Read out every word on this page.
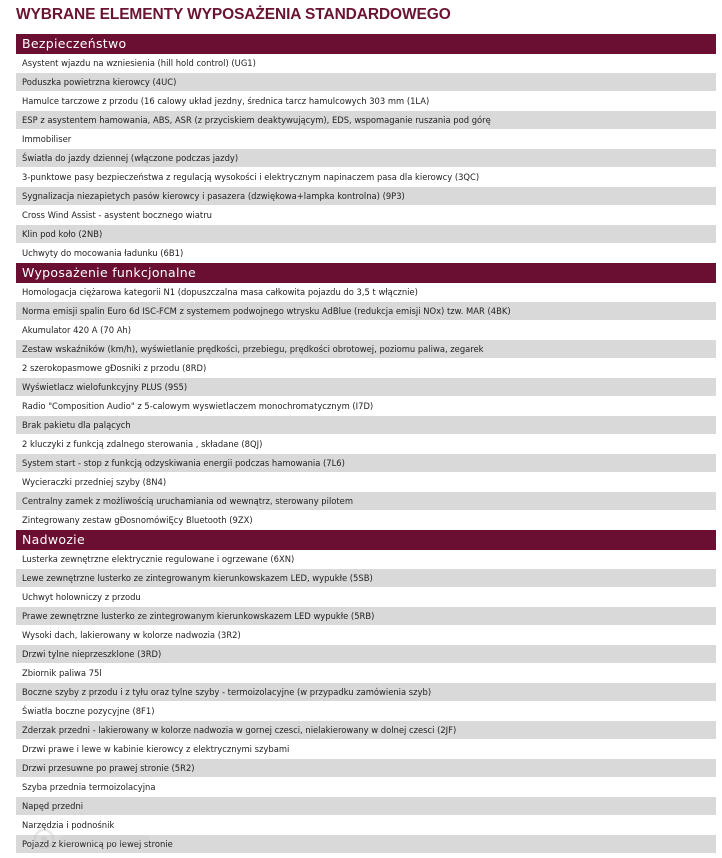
WYBRANE ELEMENTY WYPOSAŻENIA STANDARDOWEGO
Bezpieczeństwo
Asystent wjazdu na wzniesienia (hill hold control) (UG1)
Poduszka powietrzna kierowcy (4UC)
Hamulce tarczowe z przodu (16 calowy układ jezdny, średnica tarcz hamulcowych 303 mm (1LA)
ESP z asystentem hamowania, ABS, ASR (z przyciskiem deaktywującym), EDS, wspomaganie ruszania pod górę
Immobiliser
Światła do jazdy dziennej (włączone podczas jazdy)
3-punktowe pasy bezpieczeństwa z regulacją wysokości i elektrycznym napinaczem pasa dla kierowcy (3QC)
Sygnalizacja niezapietych pasów kierowcy i pasazera (dzwiękowa+lampka kontrolna) (9P3)
Cross Wind Assist - asystent bocznego wiatru
Klin pod koło (2NB)
Uchwyty do mocowania ładunku (6B1)
Wyposażenie funkcjonalne
Homologacja ciężarowa kategorii N1 (dopuszczalna masa całkowita pojazdu do 3,5 t włącznie)
Norma emisji spalin Euro 6d ISC-FCM z systemem podwojnego wtrysku AdBlue (redukcja emisji NOx) tzw. MAR (4BK)
Akumulator 420 A (70 Ah)
Zestaw wskaźników (km/h), wyświetlanie prędkości, przebiegu, prędkości obrotowej, poziomu paliwa, zegarek
2 szerokopasmowe gĐosniki z przodu (8RD)
Wyświetlacz wielofunkcyjny PLUS (9S5)
Radio "Composition Audio" z 5-calowym wyswietlaczem monochromatycznym (I7D)
Brak pakietu dla palących
2 kluczyki z funkcją zdalnego sterowania , składane (8QJ)
System start - stop z funkcją odzyskiwania energii podczas hamowania (7L6)
Wycieraczki przedniej szyby (8N4)
Centralny zamek z możliwością uruchamiania od wewnątrz, sterowany pilotem
Zintegrowany zestaw gĐosnomówiĘcy Bluetooth (9ZX)
Nadwozie
Lusterka zewnętrzne elektrycznie regulowane i ogrzewane (6XN)
Lewe zewnętrzne lusterko ze zintegrowanym kierunkowskazem LED, wypukłe (5SB)
Uchwyt holowniczy z przodu
Prawe zewnętrzne lusterko ze zintegrowanym kierunkowskazem LED wypukłe (5RB)
Wysoki dach, lakierowany w kolorze nadwozia (3R2)
Drzwi tylne nieprzeszklone (3RD)
Zbiornik paliwa 75l
Boczne szyby z przodu i z tyłu oraz tylne szyby - termoizolacyjne (w przypadku zamówienia szyb)
Światła boczne pozycyjne (8F1)
Zderzak przedni - lakierowany w kolorze nadwozia w gornej czesci, nielakierowany w dolnej czesci (2JF)
Drzwi prawe i lewe w kabinie kierowcy z elektrycznymi szybami
Drzwi przesuwne po prawej stronie (5R2)
Szyba przednia termoizolacyjna
Napęd przedni
Narzędzia i podnośnik
Pojazd z kierownicą po lewej stronie
